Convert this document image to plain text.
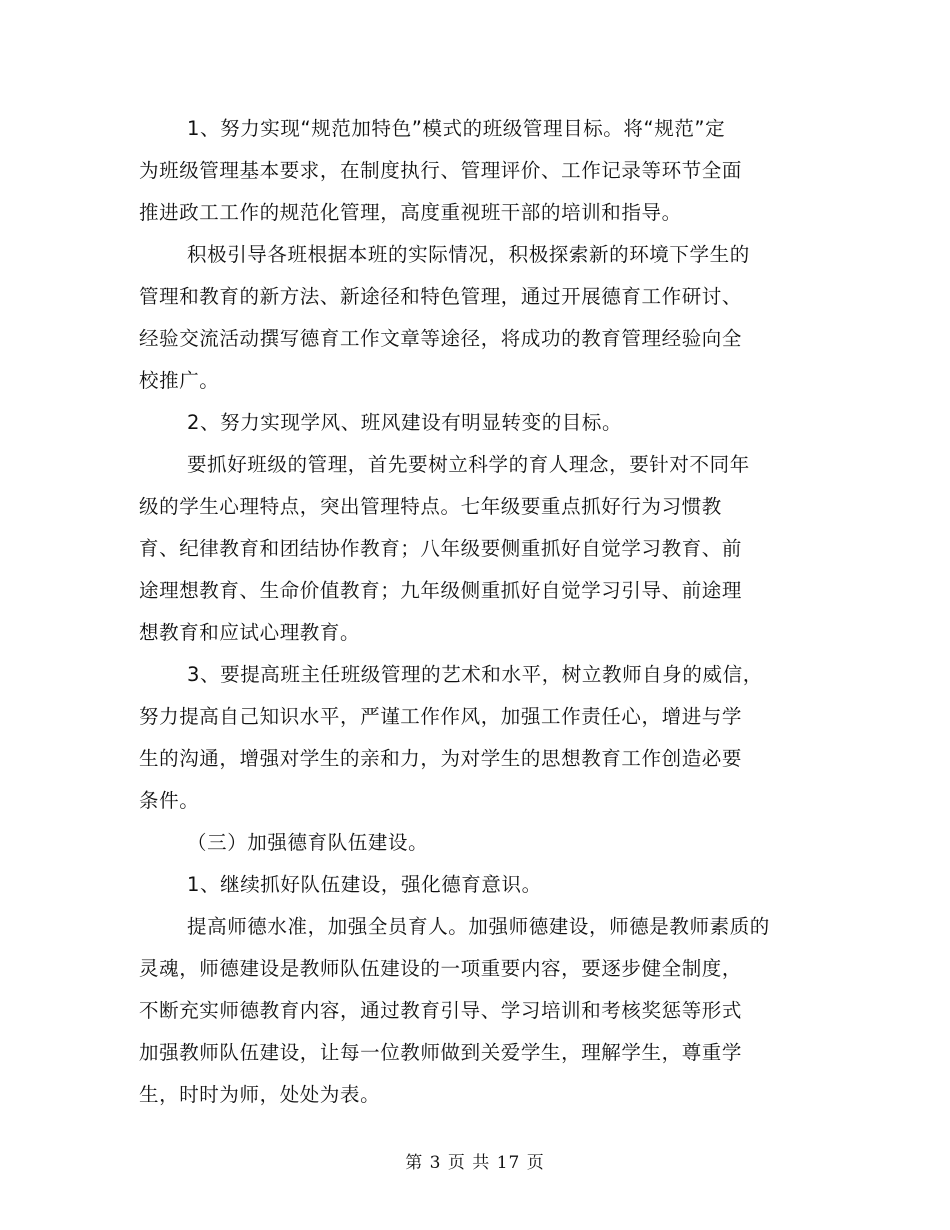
1、努力实现“规范加特色”模式的班级管理目标。将“规范”定
为班级管理基本要求，在制度执行、管理评价、工作记录等环节全面
推进政工工作的规范化管理，高度重视班干部的培训和指导。
积极引导各班根据本班的实际情况，积极探索新的环境下学生的
管理和教育的新方法、新途径和特色管理，通过开展德育工作研讨、
经验交流活动撰写德育工作文章等途径，将成功的教育管理经验向全
校推广。
2、努力实现学风、班风建设有明显转变的目标。
要抓好班级的管理，首先要树立科学的育人理念，要针对不同年
级的学生心理特点，突出管理特点。七年级要重点抓好行为习惯教
育、纪律教育和团结协作教育；八年级要侧重抓好自觉学习教育、前
途理想教育、生命价值教育；九年级侧重抓好自觉学习引导、前途理
想教育和应试心理教育。
3、要提高班主任班级管理的艺术和水平，树立教师自身的威信，
努力提高自己知识水平，严谨工作作风，加强工作责任心，增进与学
生的沟通，增强对学生的亲和力，为对学生的思想教育工作创造必要
条件。
（三）加强德育队伍建设。
1、继续抓好队伍建设，强化德育意识。
提高师德水准，加强全员育人。加强师德建设，师德是教师素质的
灵魂，师德建设是教师队伍建设的一项重要内容，要逐步健全制度，
不断充实师德教育内容，通过教育引导、学习培训和考核奖惩等形式
加强教师队伍建设，让每一位教师做到关爱学生，理解学生，尊重学
生，时时为师，处处为表。
第 3 页 共 17 页
